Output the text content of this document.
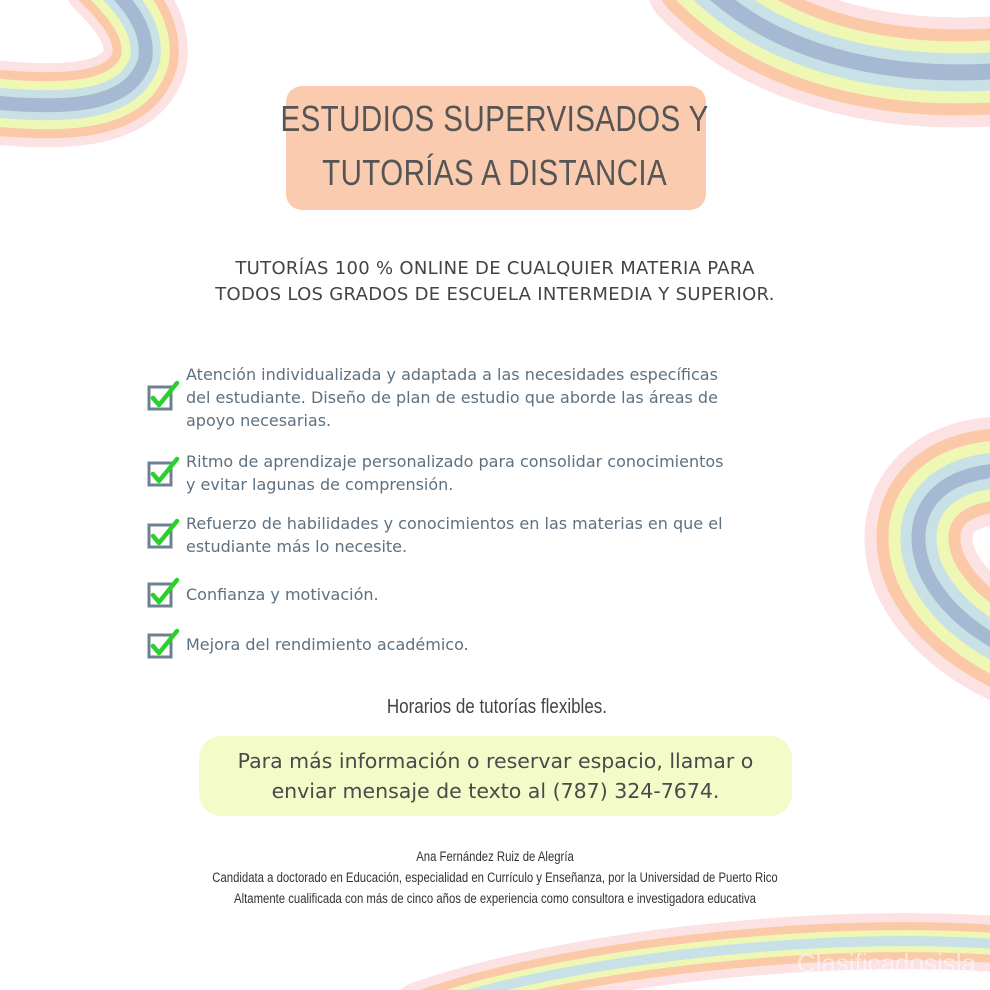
ESTUDIOS SUPERVISADOS Y
TUTORÍAS A DISTANCIA
TUTORÍAS 100 % ONLINE DE CUALQUIER MATERIA PARA
TODOS LOS GRADOS DE ESCUELA INTERMEDIA Y SUPERIOR.
Atención individualizada y adaptada a las necesidades específicas
del estudiante. Diseño de plan de estudio que aborde las áreas de
apoyo necesarias.
Ritmo de aprendizaje personalizado para consolidar conocimientos
y evitar lagunas de comprensión.
Refuerzo de habilidades y conocimientos en las materias en que el
estudiante más lo necesite.
Confianza y motivación.
Mejora del rendimiento académico.
Horarios de tutorías flexibles.
Para más información o reservar espacio, llamar o
enviar mensaje de texto al (787) 324-7674.
Ana Fernández Ruiz de Alegría
Candidata a doctorado en Educación, especialidad en Currículo y Enseñanza, por la Universidad de Puerto Rico
Altamente cualificada con más de cinco años de experiencia como consultora e investigadora educativa
Clasificadosisla
